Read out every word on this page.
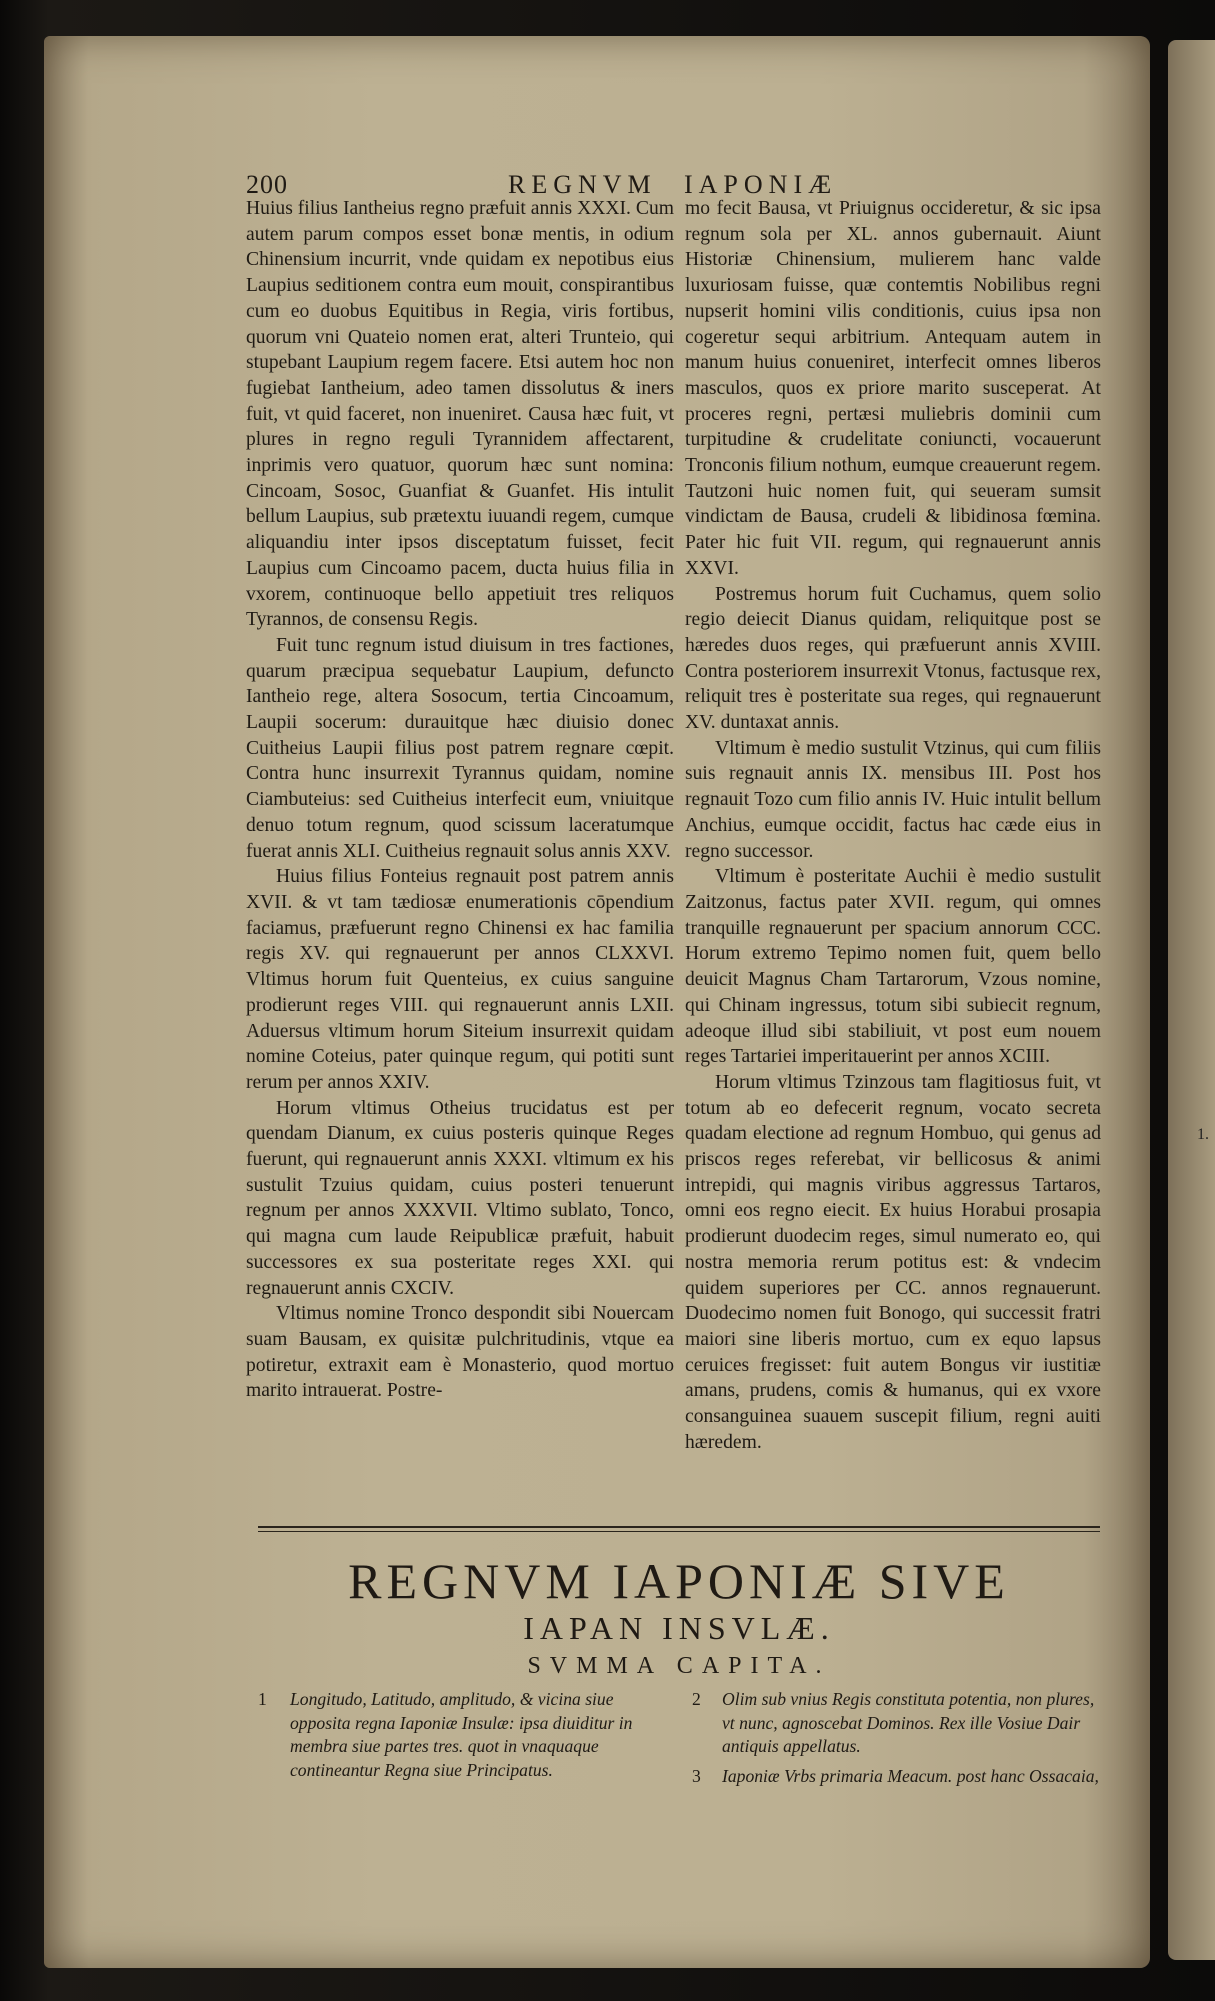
1.
200	REGNVM IAPONIÆ

Huius filius Iantheius regno præfuit annis XXXI. Cum autem parum compos esset bonæ mentis, in odium Chinensium incurrit, vnde quidam ex nepotibus eius Laupius seditionem contra eum mouit, conspirantibus cum eo duobus Equitibus in Regia, viris fortibus, quorum vni Quateio nomen erat, alteri Trunteio, qui stupebant Laupium regem facere. Etsi autem hoc non fugiebat Iantheium, adeo tamen dissolutus & iners fuit, vt quid faceret, non inueniret. Causa hæc fuit, vt plures in regno reguli Tyrannidem affectarent, inprimis vero quatuor, quorum hæc sunt nomina: Cincoam, Sosoc, Guanfiat & Guanfet. His intulit bellum Laupius, sub prætextu iuuandi regem, cumque aliquandiu inter ipsos disceptatum fuisset, fecit Laupius cum Cincoamo pacem, ducta huius filia in vxorem, continuoque bello appetiuit tres reliquos Tyrannos, de consensu Regis.

Fuit tunc regnum istud diuisum in tres factiones, quarum præcipua sequebatur Laupium, defuncto Iantheio rege, altera Sosocum, tertia Cincoamum, Laupii socerum: durauitque hæc diuisio donec Cuitheius Laupii filius post patrem regnare cœpit. Contra hunc insurrexit Tyrannus quidam, nomine Ciambuteius: sed Cuitheius interfecit eum, vniuitque denuo totum regnum, quod scissum laceratumque fuerat annis XLI. Cuitheius regnauit solus annis XXV.

Huius filius Fonteius regnauit post patrem annis XVII. & vt tam tædiosæ enumerationis cōpendium faciamus, præfuerunt regno Chinensi ex hac familia regis XV. qui regnauerunt per annos CLXXVI. Vltimus horum fuit Quenteius, ex cuius sanguine prodierunt reges VIII. qui regnauerunt annis LXII. Aduersus vltimum horum Siteium insurrexit quidam nomine Coteius, pater quinque regum, qui potiti sunt rerum per annos XXIV.

Horum vltimus Otheius trucidatus est per quendam Dianum, ex cuius posteris quinque Reges fuerunt, qui regnauerunt annis XXXI. vltimum ex his sustulit Tzuius quidam, cuius posteri tenuerunt regnum per annos XXXVII. Vltimo sublato, Tonco, qui magna cum laude Reipublicæ præfuit, habuit successores ex sua posteritate reges XXI. qui regnauerunt annis CXCIV.

Vltimus nomine Tronco despondit sibi Nouercam suam Bausam, ex quisitæ pulchritudinis, vtque ea potiretur, extraxit eam è Monasterio, quod mortuo marito intrauerat. Postre-

mo fecit Bausa, vt Priuignus occideretur, & sic ipsa regnum sola per XL. annos gubernauit. Aiunt Historiæ Chinensium, mulierem hanc valde luxuriosam fuisse, quæ contemtis Nobilibus regni nupserit homini vilis conditionis, cuius ipsa non cogeretur sequi arbitrium. Antequam autem in manum huius conueniret, interfecit omnes liberos masculos, quos ex priore marito susceperat. At proceres regni, pertæsi muliebris dominii cum turpitudine & crudelitate coniuncti, vocauerunt Tronconis filium nothum, eumque creauerunt regem. Tautzoni huic nomen fuit, qui seueram sumsit vindictam de Bausa, crudeli & libidinosa fœmina. Pater hic fuit VII. regum, qui regnauerunt annis XXVI.

Postremus horum fuit Cuchamus, quem solio regio deiecit Dianus quidam, reliquitque post se hæredes duos reges, qui præfuerunt annis XVIII. Contra posteriorem insurrexit Vtonus, factusque rex, reliquit tres è posteritate sua reges, qui regnauerunt XV. duntaxat annis.

Vltimum è medio sustulit Vtzinus, qui cum filiis suis regnauit annis IX. mensibus III. Post hos regnauit Tozo cum filio annis IV. Huic intulit bellum Anchius, eumque occidit, factus hac cæde eius in regno successor.

Vltimum è posteritate Auchii è medio sustulit Zaitzonus, factus pater XVII. regum, qui omnes tranquille regnauerunt per spacium annorum CCC. Horum extremo Tepimo nomen fuit, quem bello deuicit Magnus Cham Tartarorum, Vzous nomine, qui Chinam ingressus, totum sibi subiecit regnum, adeoque illud sibi stabiliuit, vt post eum nouem reges Tartariei imperitauerint per annos XCIII.

Horum vltimus Tzinzous tam flagitiosus fuit, vt totum ab eo defecerit regnum, vocato secreta quadam electione ad regnum Hombuo, qui genus ad priscos reges referebat, vir bellicosus & animi intrepidi, qui magnis viribus aggressus Tartaros, omni eos regno eiecit. Ex huius Horabui prosapia prodierunt duodecim reges, simul numerato eo, qui nostra memoria rerum potitus est: & vndecim quidem superiores per CC. annos regnauerunt. Duodecimo nomen fuit Bonogo, qui successit fratri maiori sine liberis mortuo, cum ex equo lapsus ceruices fregisset: fuit autem Bongus vir iustitiæ amans, prudens, comis & humanus, qui ex vxore consanguinea suauem suscepit filium, regni auiti hæredem.

REGNVM IAPONIÆ SIVE
IAPAN INSVLÆ.
SVMMA CAPITA.
1 Longitudo, Latitudo, amplitudo, & vicina siue opposita regna Iaponiæ Insulæ: ipsa diuiditur in membra siue partes tres. quot in vnaquaque contineantur Regna siue Principatus.
2 Olim sub vnius Regis constituta potentia, non plures, vt nunc, agnoscebat Dominos. Rex ille Vosiue Dair antiquis appellatus.
3 Iaponiæ Vrbs primaria Meacum. post hanc Ossacaia,
